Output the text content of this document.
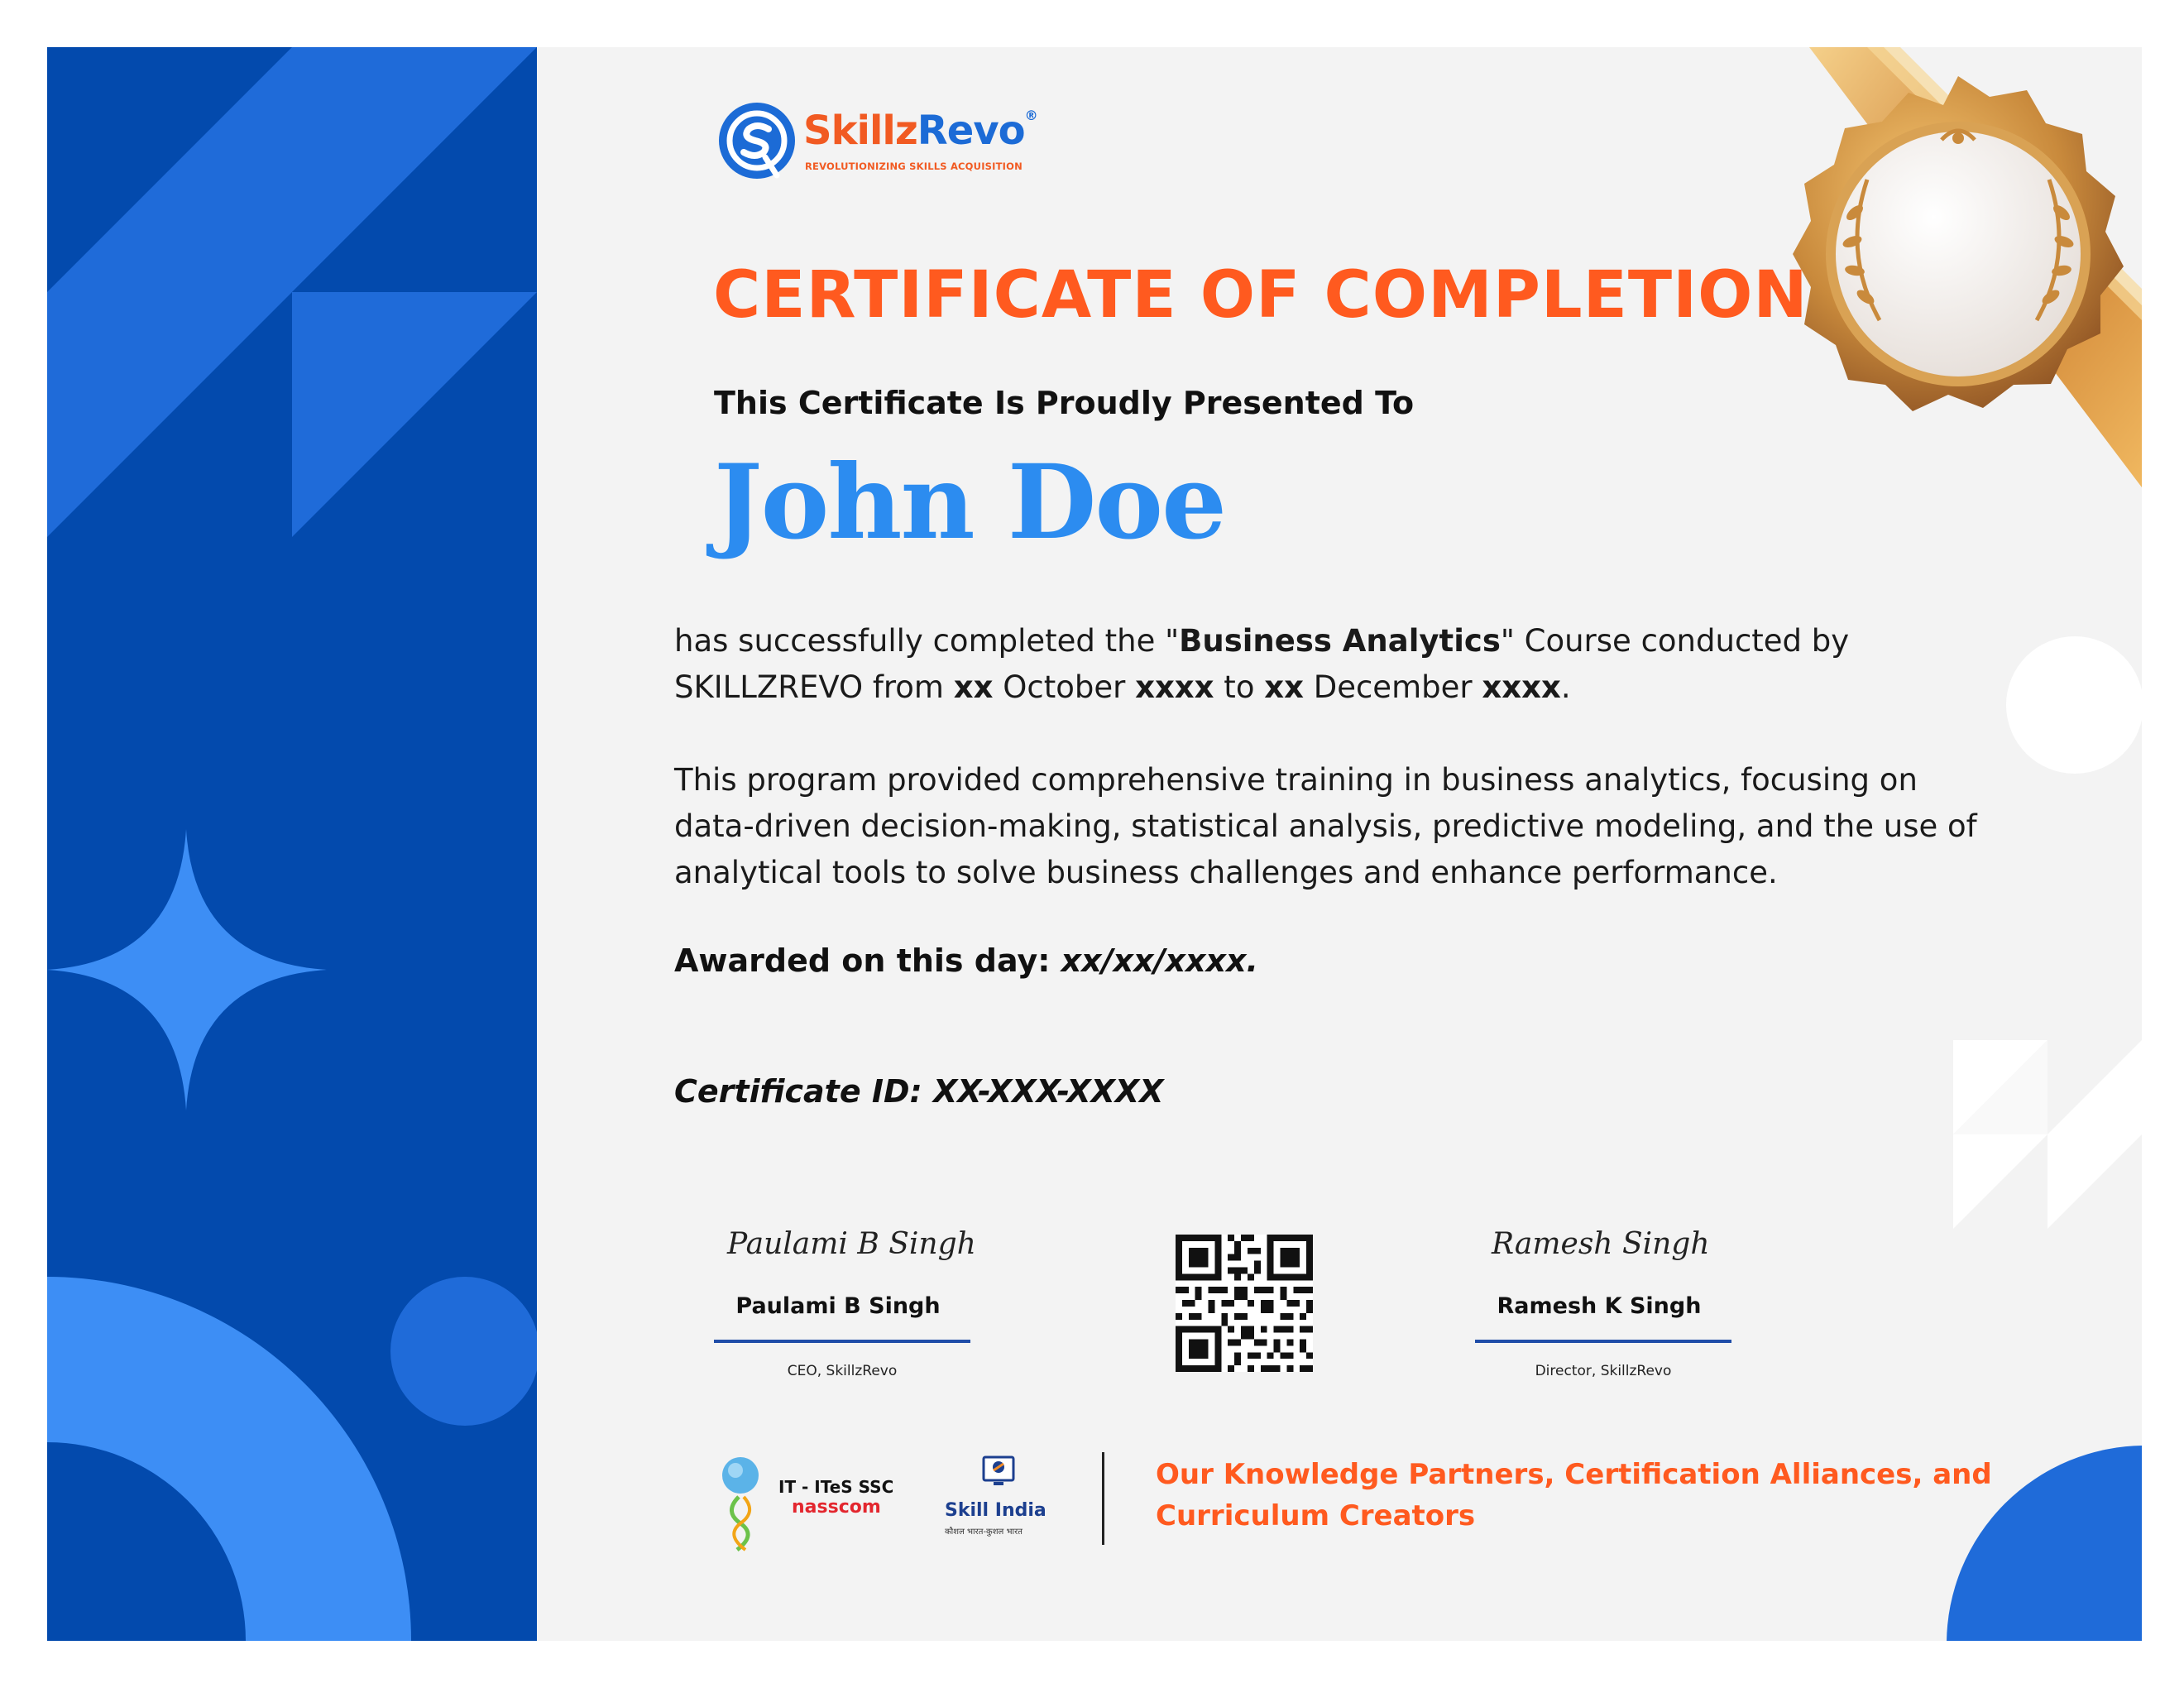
SkillzRevo®
REVOLUTIONIZING SKILLS ACQUISITION
CERTIFICATE OF COMPLETION
This Certificate Is Proudly Presented To
John Doe
has successfully completed the "Business Analytics" Course conducted by
SKILLZREVO from xx October xxxx to xx December xxxx.
This program provided comprehensive training in business analytics, focusing on
data-driven decision-making, statistical analysis, predictive modeling, and the use of
analytical tools to solve business challenges and enhance performance.
Awarded on this day: xx/xx/xxxx.
Certificate ID: XX-XXX-XXXX
Paulami B Singh
Paulami B Singh
CEO, SkillzRevo
Ramesh Singh
Ramesh K Singh
Director, SkillzRevo
IT - ITeS SSC
nasscom	Skill India
कौशल भारत-कुशल भारत
Our Knowledge Partners, Certification Alliances, and
Curriculum Creators
